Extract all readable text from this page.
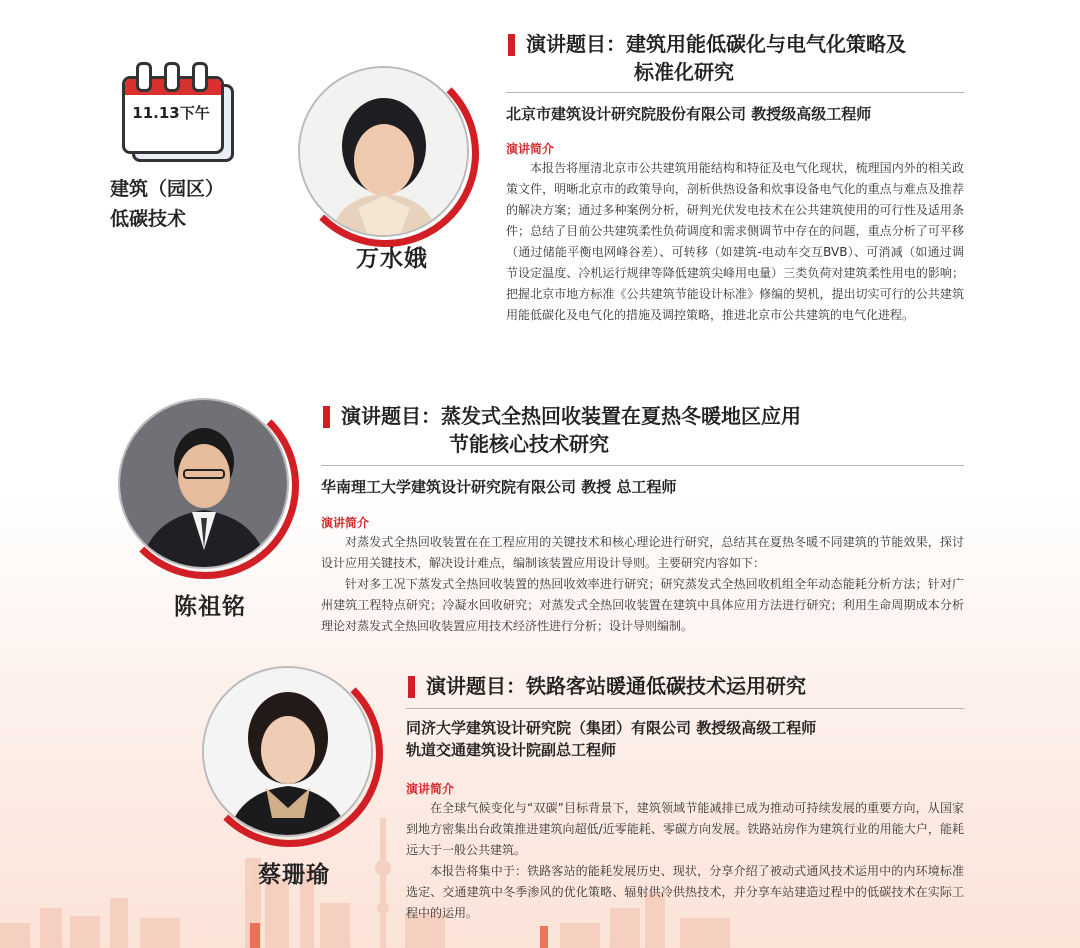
11.13下午
建筑（园区）
低碳技术
万水娥
演讲题目：建筑用能低碳化与电气化策略及
标准化研究
北京市建筑设计研究院股份有限公司 教授级高级工程师
演讲简介

本报告将厘清北京市公共建筑用能结构和特征及电气化现状，梳理国内外的相关政策文件，明晰北京市的政策导向，剖析供热设备和炊事设备电气化的重点与难点及推荐的解决方案；通过多种案例分析，研判光伏发电技术在公共建筑使用的可行性及适用条件；总结了目前公共建筑柔性负荷调度和需求侧调节中存在的问题，重点分析了可平移（通过储能平衡电网峰谷差）、可转移（如建筑-电动车交互BVB）、可消减（如通过调节设定温度、冷机运行规律等降低建筑尖峰用电量）三类负荷对建筑柔性用电的影响；把握北京市地方标准《公共建筑节能设计标准》修编的契机，提出切实可行的公共建筑用能低碳化及电气化的措施及调控策略，推进北京市公共建筑的电气化进程。

陈祖铭
演讲题目：蒸发式全热回收装置在夏热冬暖地区应用
节能核心技术研究
华南理工大学建筑设计研究院有限公司 教授 总工程师
演讲简介

对蒸发式全热回收装置在在工程应用的关键技术和核心理论进行研究，总结其在夏热冬暖不同建筑的节能效果，探讨设计应用关键技术，解决设计难点，编制该装置应用设计导则。主要研究内容如下：

针对多工况下蒸发式全热回收装置的热回收效率进行研究；研究蒸发式全热回收机组全年动态能耗分析方法；针对广州建筑工程特点研究；冷凝水回收研究；对蒸发式全热回收装置在建筑中具体应用方法进行研究；利用生命周期成本分析理论对蒸发式全热回收装置应用技术经济性进行分析；设计导则编制。

蔡珊瑜
演讲题目：铁路客站暖通低碳技术运用研究
同济大学建筑设计研究院（集团）有限公司 教授级高级工程师
轨道交通建筑设计院副总工程师
演讲简介

在全球气候变化与“双碳”目标背景下，建筑领域节能减排已成为推动可持续发展的重要方向，从国家到地方密集出台政策推进建筑向超低/近零能耗、零碳方向发展。铁路站房作为建筑行业的用能大户，能耗远大于一般公共建筑。

本报告将集中于：铁路客站的能耗发展历史、现状，分享介绍了被动式通风技术运用中的内环境标准选定、交通建筑中冬季渗风的优化策略、辐射供冷供热技术，并分享车站建造过程中的低碳技术在实际工程中的运用。
